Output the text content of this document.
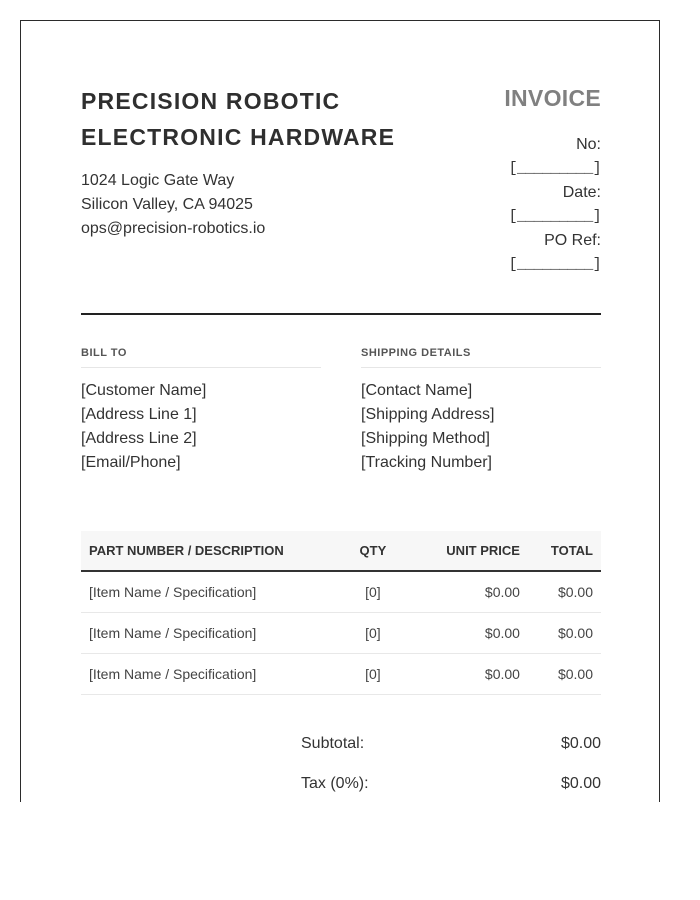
PRECISION ROBOTIC
ELECTRONIC HARDWARE
1024 Logic Gate Way
Silicon Valley, CA 94025
ops@precision-robotics.io
INVOICE
No:
[_________]
Date:
[_________]
PO Ref:
[_________]
BILL TO
[Customer Name]
[Address Line 1]
[Address Line 2]
[Email/Phone]
SHIPPING DETAILS
[Contact Name]
[Shipping Address]
[Shipping Method]
[Tracking Number]
PART NUMBER / DESCRIPTION	QTY	UNIT PRICE	TOTAL
[Item Name / Specification]	[0]	$0.00	$0.00
[Item Name / Specification]	[0]	$0.00	$0.00
[Item Name / Specification]	[0]	$0.00	$0.00
Subtotal:	$0.00
Tax (0%):	$0.00
